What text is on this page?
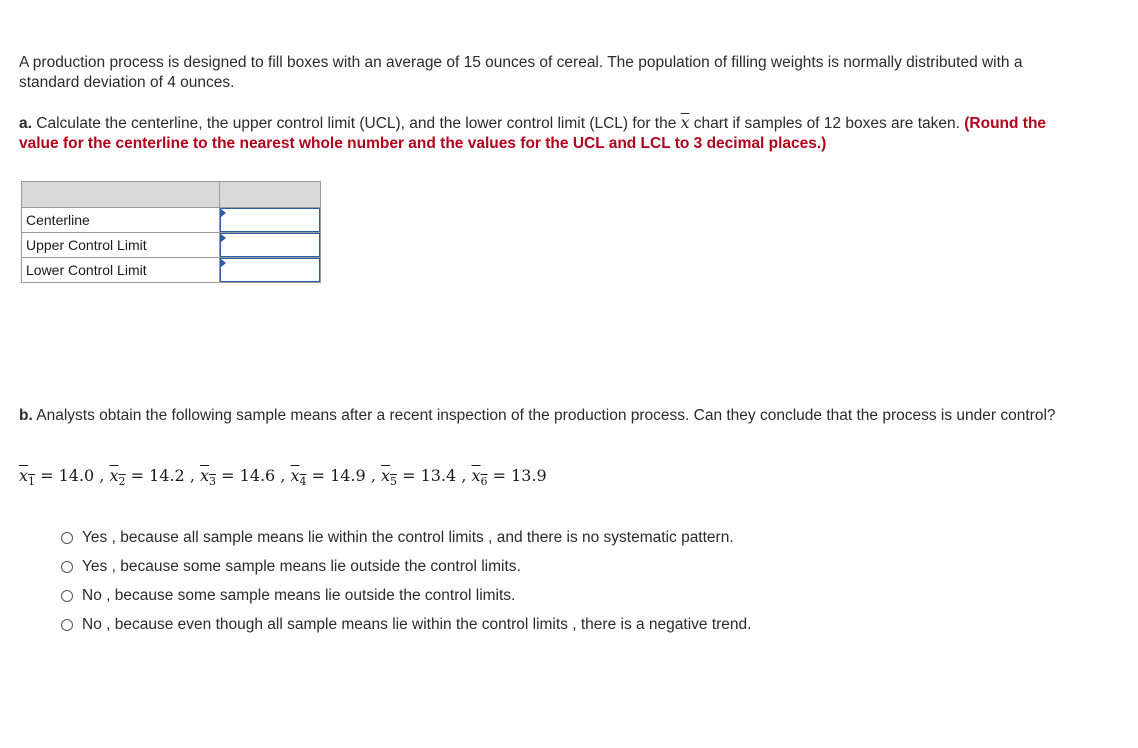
A production process is designed to fill boxes with an average of 15 ounces of cereal. The population of filling weights is normally distributed with a standard deviation of 4 ounces.

a. Calculate the centerline, the upper control limit (UCL), and the lower control limit (LCL) for the $\overline{x}$ chart if samples of 12 boxes are taken. (Round the value for the centerline to the nearest whole number and the values for the UCL and LCL to 3 decimal places.)

Centerline	

Upper Control Limit	

Lower Control Limit	

b. Analysts obtain the following sample means after a recent inspection of the production process. Can they conclude that the process is under control?

$x_1 = 14.0$ , $x_2 = 14.2$ , $x_3 = 14.6$ , $x_4 = 14.9$ , $x_5 = 13.4$ , $x_6 = 13.9$
Yes , because all sample means lie within the control limits , and there is no systematic pattern.
Yes , because some sample means lie outside the control limits.
No , because some sample means lie outside the control limits.
No , because even though all sample means lie within the control limits , there is a negative trend.
